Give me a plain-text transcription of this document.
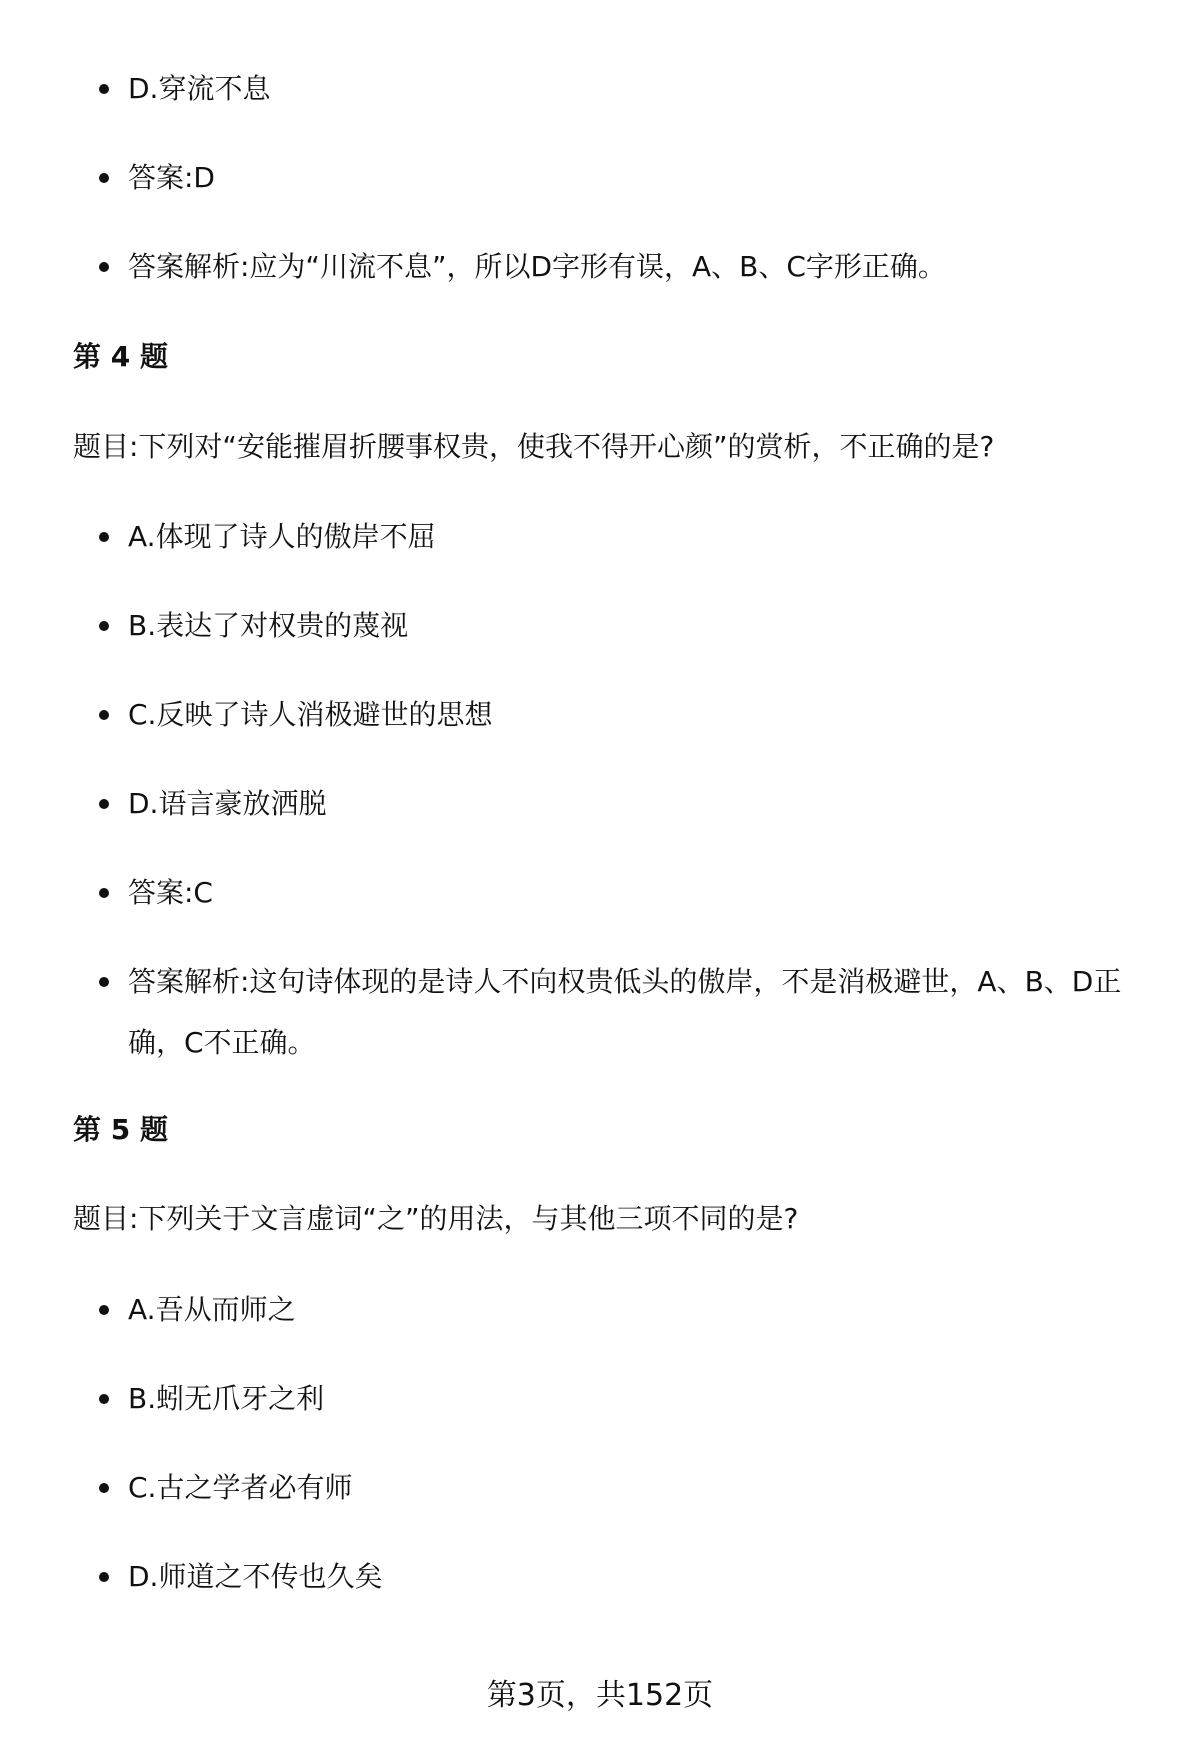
D.穿流不息
答案:D
答案解析:应为“川流不息”，所以D字形有误，A、B、C字形正确。
第 4 题
题目:下列对“安能摧眉折腰事权贵，使我不得开心颜”的赏析，不正确的是?
A.体现了诗人的傲岸不屈
B.表达了对权贵的蔑视
C.反映了诗人消极避世的思想
D.语言豪放洒脱
答案:C
答案解析:这句诗体现的是诗人不向权贵低头的傲岸，不是消极避世，A、B、D正确，C不正确。
第 5 题
题目:下列关于文言虚词“之”的用法，与其他三项不同的是?
A.吾从而师之
B.蚓无爪牙之利
C.古之学者必有师
D.师道之不传也久矣
第3页，共152页
